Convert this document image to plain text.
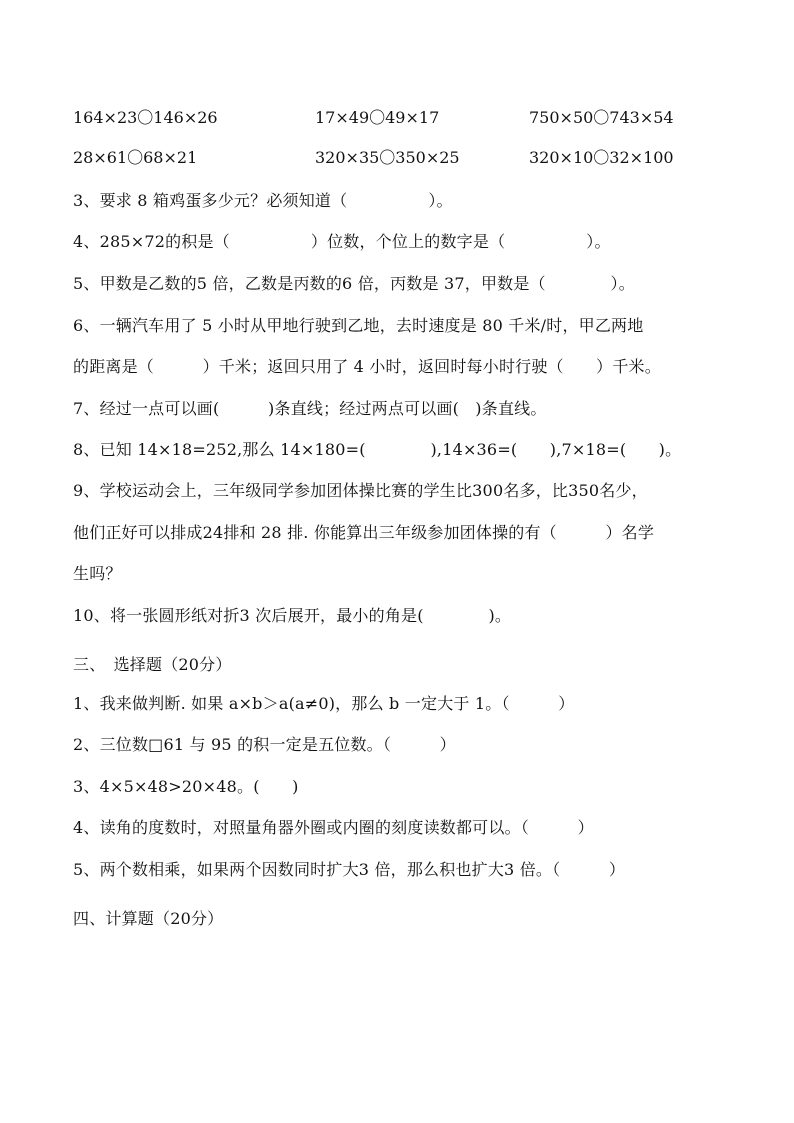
164×23〇146×26	17×49〇49×17	750×50〇743×54
28×61〇68×21	320×35〇350×25	320×10〇32×100
3、要求 8 箱鸡蛋多少元？必须知道（　　　　　）。
4、285×72的积是（　　　　　）位数，个位上的数字是（　　　　　）。
5、甲数是乙数的5 倍，乙数是丙数的6 倍，丙数是 37，甲数是（　　　　）。
6、一辆汽车用了 5 小时从甲地行驶到乙地，去时速度是 80 千米/时，甲乙两地
的距离是（　　　）千米；返回只用了 4 小时，返回时每小时行驶（　　）千米。
7、经过一点可以画(　　　)条直线；经过两点可以画(　)条直线。
8、已知 14×18=252,那么 14×180=(　　　　),14×36=(　　),7×18=(　　)。
9、学校运动会上，三年级同学参加团体操比赛的学生比300名多，比350名少，
他们正好可以排成24排和 28 排. 你能算出三年级参加团体操的有（　　　）名学
生吗？
10、将一张圆形纸对折3 次后展开，最小的角是(　　　　)。
三、　选择题（20分）
1、我来做判断. 如果 a×b＞a(a≠0)，那么 b 一定大于 1。（　　　）
2、三位数□61 与 95 的积一定是五位数。（　　　）
3、4×5×48>20×48。(　　)
4、读角的度数时，对照量角器外圈或内圈的刻度读数都可以。（　　　）
5、两个数相乘，如果两个因数同时扩大3 倍，那么积也扩大3 倍。（　　　）
四、计算题（20分）
